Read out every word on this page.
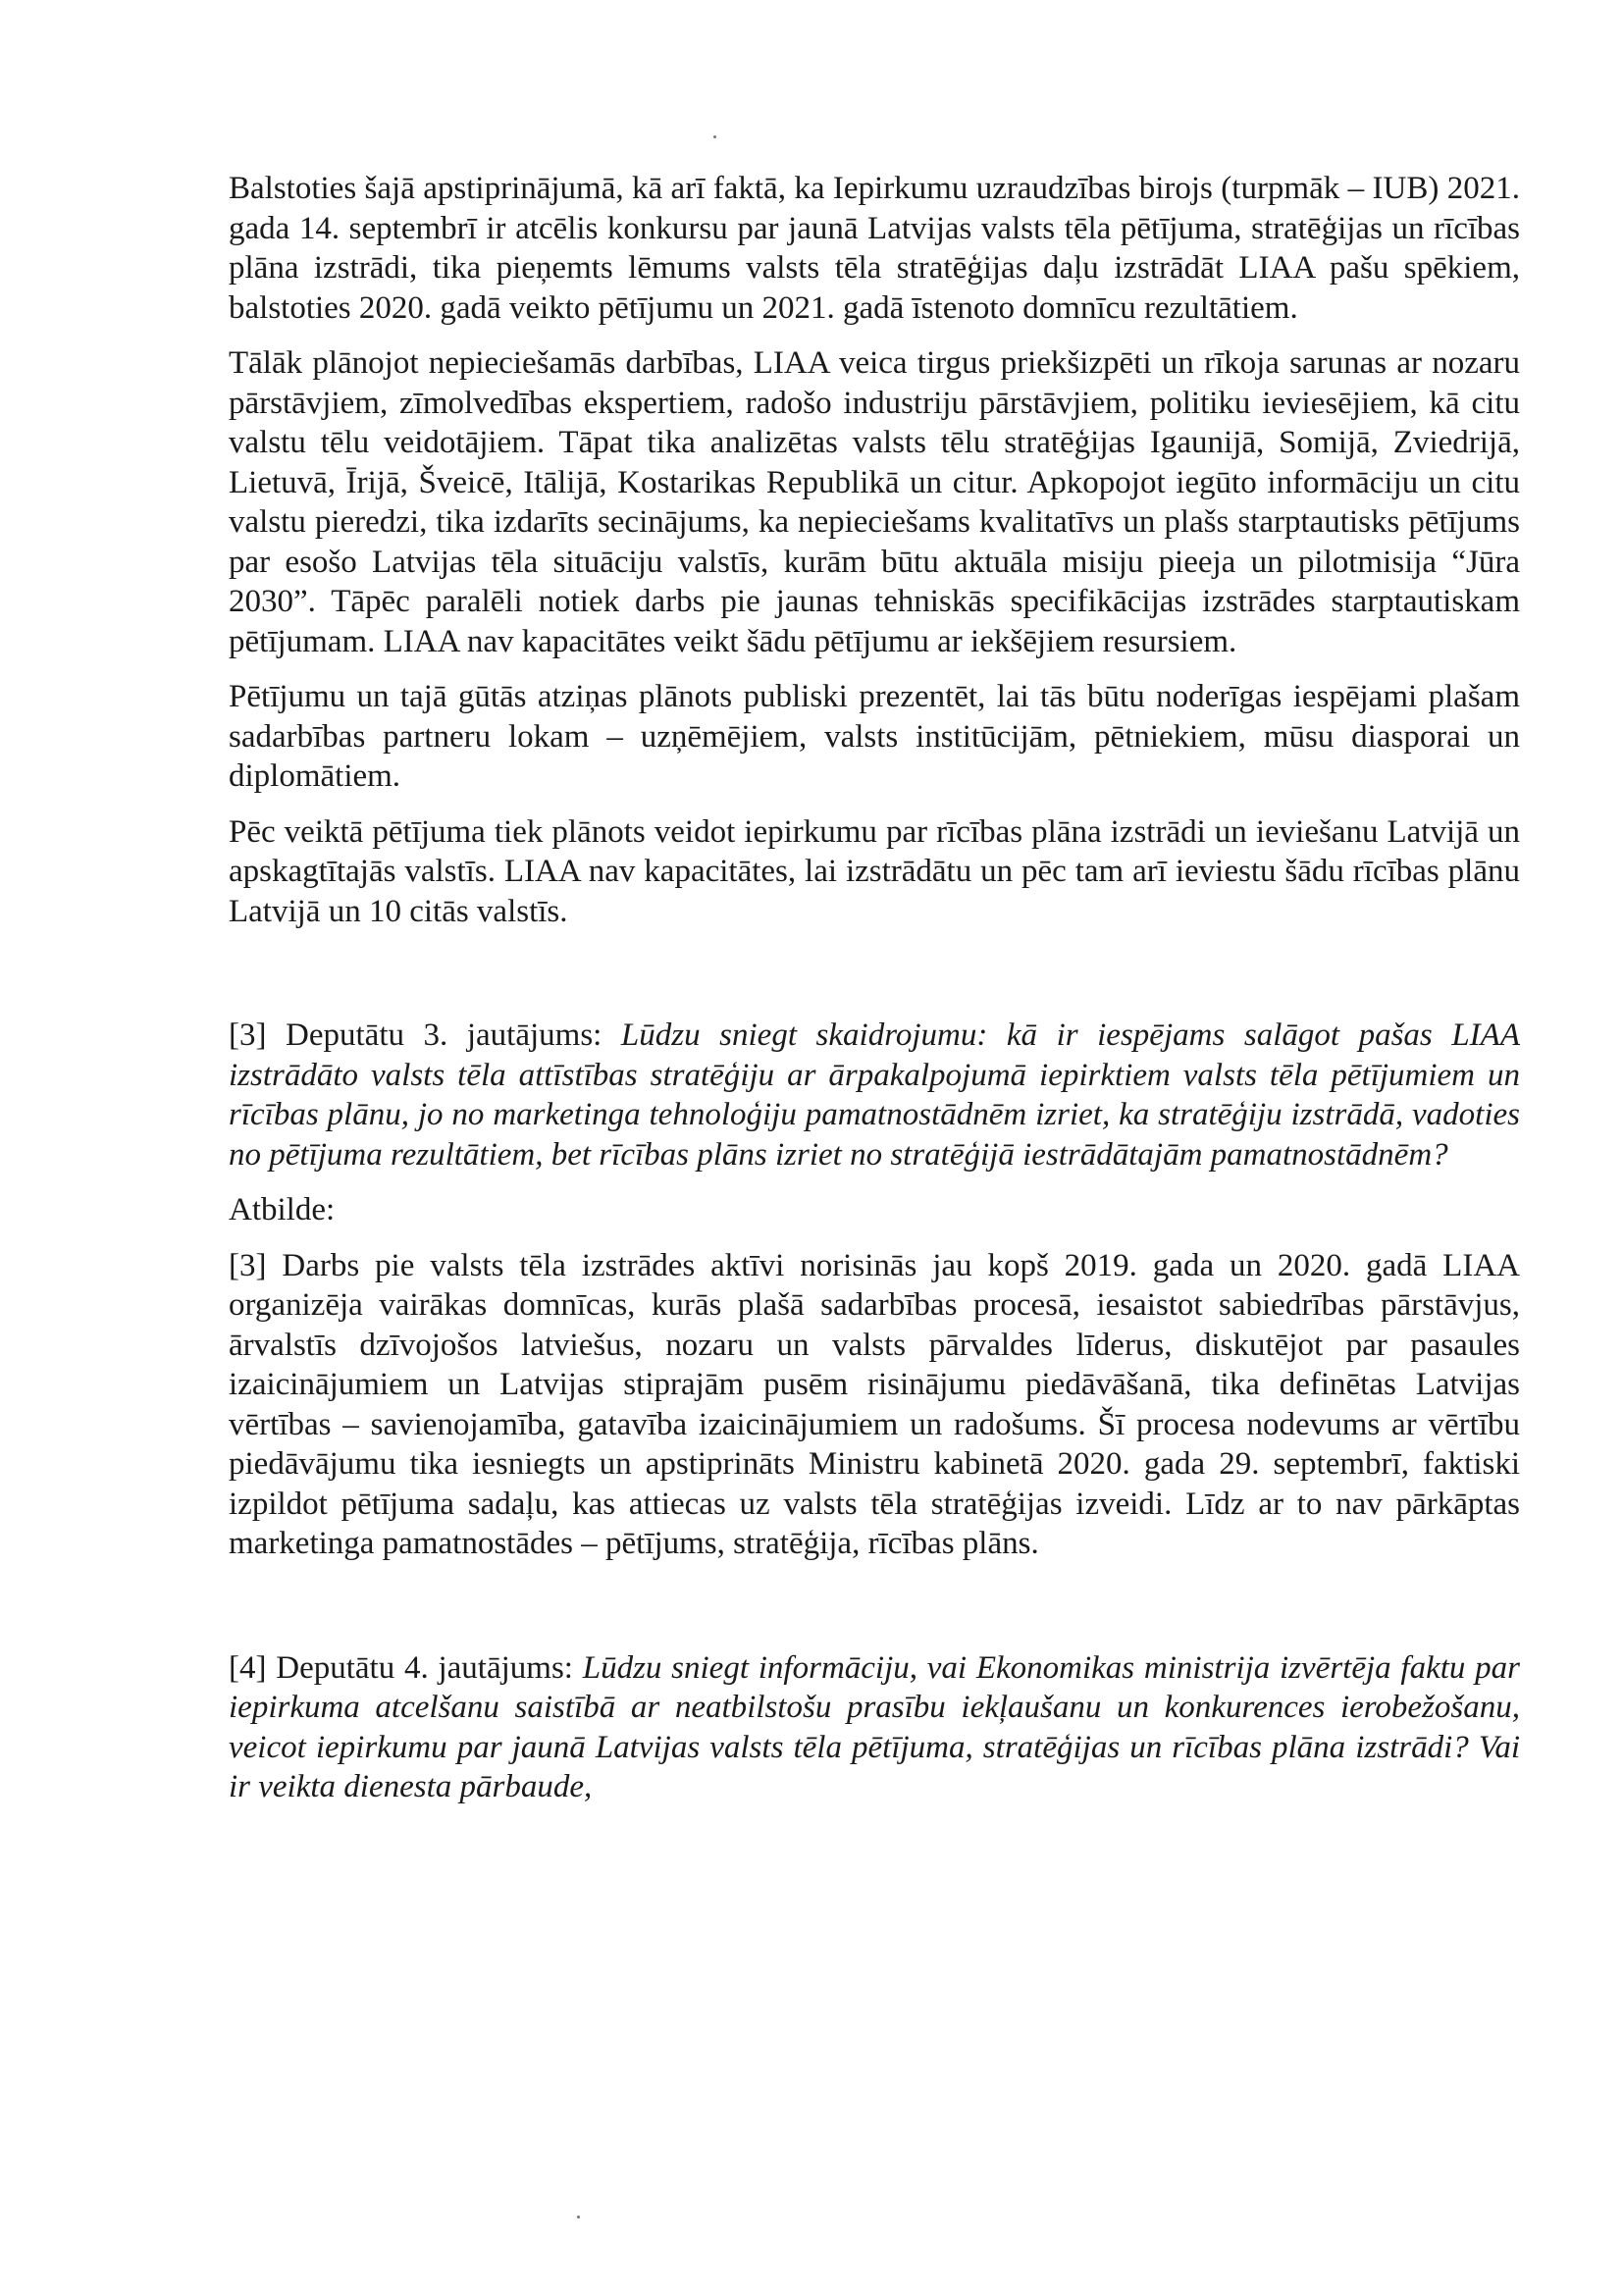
Balstoties šajā apstiprinājumā, kā arī faktā, ka Iepirkumu uzraudzības birojs (turpmāk – IUB) 2021. gada 14. septembrī ir atcēlis konkursu par jaunā Latvijas valsts tēla pētījuma, stratēģijas un rīcības plāna izstrādi, tika pieņemts lēmums valsts tēla stratēģijas daļu izstrādāt LIAA pašu spēkiem, balstoties 2020. gadā veikto pētījumu un 2021. gadā īstenoto domnīcu rezultātiem.

Tālāk plānojot nepieciešamās darbības, LIAA veica tirgus priekšizpēti un rīkoja sarunas ar nozaru pārstāvjiem, zīmolvedības ekspertiem, radošo industriju pārstāvjiem, politiku ieviesējiem, kā citu valstu tēlu veidotājiem. Tāpat tika analizētas valsts tēlu stratēģijas Igaunijā, Somijā, Zviedrijā, Lietuvā, Īrijā, Šveicē, Itālijā, Kostarikas Republikā un citur. Apkopojot iegūto informāciju un citu valstu pieredzi, tika izdarīts secinājums, ka nepieciešams kvalitatīvs un plašs starptautisks pētījums par esošo Latvijas tēla situāciju valstīs, kurām būtu aktuāla misiju pieeja un pilotmisija “Jūra 2030”. Tāpēc paralēli notiek darbs pie jaunas tehniskās specifikācijas izstrādes starptautiskam pētījumam. LIAA nav kapacitātes veikt šādu pētījumu ar iekšējiem resursiem.

Pētījumu un tajā gūtās atziņas plānots publiski prezentēt, lai tās būtu noderīgas iespējami plašam sadarbības partneru lokam – uzņēmējiem, valsts institūcijām, pētniekiem, mūsu diasporai un diplomātiem.

Pēc veiktā pētījuma tiek plānots veidot iepirkumu par rīcības plāna izstrādi un ieviešanu Latvijā un apskagtītajās valstīs. LIAA nav kapacitātes, lai izstrādātu un pēc tam arī ieviestu šādu rīcības plānu Latvijā un 10 citās valstīs.

[3] Deputātu 3. jautājums: Lūdzu sniegt skaidrojumu: kā ir iespējams salāgot pašas LIAA izstrādāto valsts tēla attīstības stratēģiju ar ārpakalpojumā iepirktiem valsts tēla pētījumiem un rīcības plānu, jo no marketinga tehnoloģiju pamatnostādnēm izriet, ka stratēģiju izstrādā, vadoties no pētījuma rezultātiem, bet rīcības plāns izriet no stratēģijā iestrādātajām pamatnostādnēm?

Atbilde:

[3] Darbs pie valsts tēla izstrādes aktīvi norisinās jau kopš 2019. gada un 2020. gadā LIAA organizēja vairākas domnīcas, kurās plašā sadarbības procesā, iesaistot sabiedrības pārstāvjus, ārvalstīs dzīvojošos latviešus, nozaru un valsts pārvaldes līderus, diskutējot par pasaules izaicinājumiem un Latvijas stiprajām pusēm risinājumu piedāvāšanā, tika definētas Latvijas vērtības – savienojamība, gatavība izaicinājumiem un radošums. Šī procesa nodevums ar vērtību piedāvājumu tika iesniegts un apstiprināts Ministru kabinetā 2020. gada 29. septembrī, faktiski izpildot pētījuma sadaļu, kas attiecas uz valsts tēla stratēģijas izveidi. Līdz ar to nav pārkāptas marketinga pamatnostādes – pētījums, stratēģija, rīcības plāns.

[4] Deputātu 4. jautājums: Lūdzu sniegt informāciju, vai Ekonomikas ministrija izvērtēja faktu par iepirkuma atcelšanu saistībā ar neatbilstošu prasību iekļaušanu un konkurences ierobežošanu, veicot iepirkumu par jaunā Latvijas valsts tēla pētījuma, stratēģijas un rīcības plāna izstrādi? Vai ir veikta dienesta pārbaude,
